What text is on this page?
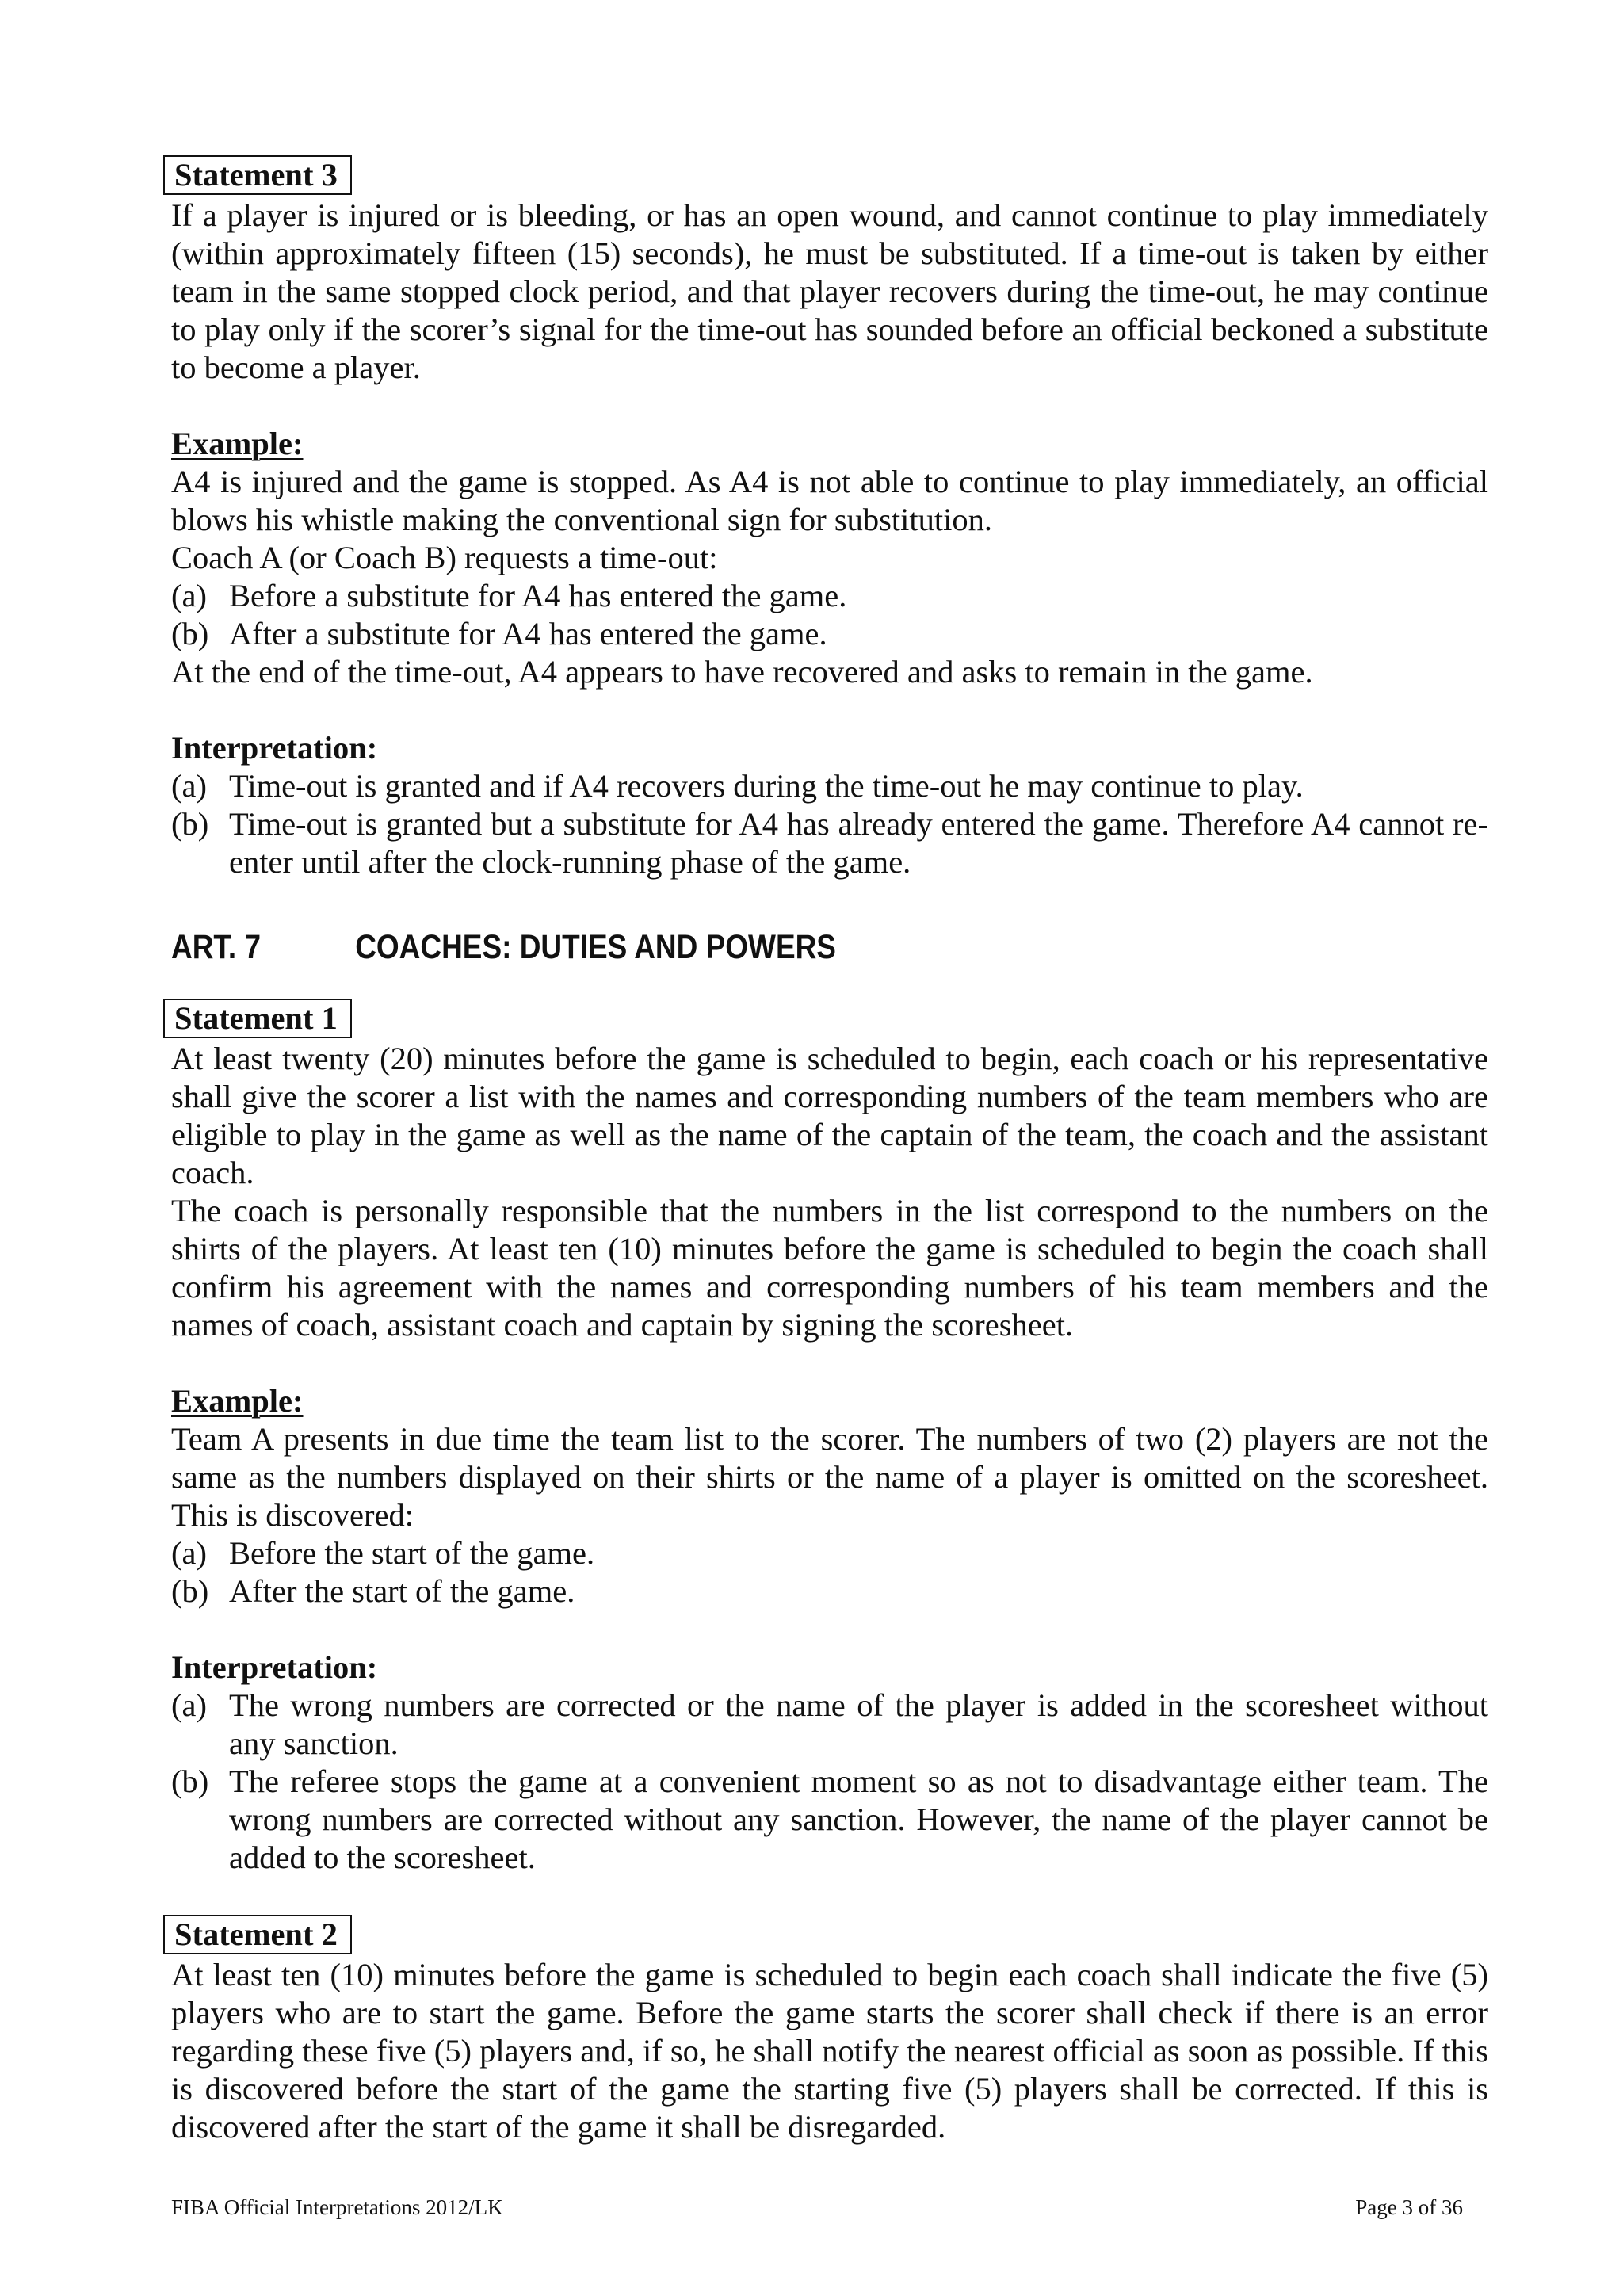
Statement 3

If a player is injured or is bleeding, or has an open wound, and cannot continue to play immediately (within approximately fifteen (15) seconds), he must be substituted. If a time-out is taken by either team in the same stopped clock period, and that player recovers during the time-out, he may continue to play only if the scorer’s signal for the time-out has sounded before an official beckoned a substitute to become a player.

Example:

A4 is injured and the game is stopped. As A4 is not able to continue to play immediately, an official blows his whistle making the conventional sign for substitution.

Coach A (or Coach B) requests a time-out:

(a) Before a substitute for A4 has entered the game.
(b) After a substitute for A4 has entered the game.

At the end of the time-out, A4 appears to have recovered and asks to remain in the game.

Interpretation:

(a) Time-out is granted and if A4 recovers during the time-out he may continue to play.
(b) Time-out is granted but a substitute for A4 has already entered the game. Therefore A4 cannot re-enter until after the clock-running phase of the game.
ART. 7	COACHES: DUTIES AND POWERS
Statement 1

At least twenty (20) minutes before the game is scheduled to begin, each coach or his representative shall give the scorer a list with the names and corresponding numbers of the team members who are eligible to play in the game as well as the name of the captain of the team, the coach and the assistant coach.

The coach is personally responsible that the numbers in the list correspond to the numbers on the shirts of the players. At least ten (10) minutes before the game is scheduled to begin the coach shall confirm his agreement with the names and corresponding numbers of his team members and the names of coach, assistant coach and captain by signing the scoresheet.

Example:

Team A presents in due time the team list to the scorer. The numbers of two (2) players are not the same as the numbers displayed on their shirts or the name of a player is omitted on the scoresheet. This is discovered:

(a) Before the start of the game.
(b) After the start of the game.

Interpretation:

(a) The wrong numbers are corrected or the name of the player is added in the scoresheet without any sanction.
(b) The referee stops the game at a convenient moment so as not to disadvantage either team. The wrong numbers are corrected without any sanction. However, the name of the player cannot be added to the scoresheet.
Statement 2

At least ten (10) minutes before the game is scheduled to begin each coach shall indicate the five (5) players who are to start the game. Before the game starts the scorer shall check if there is an error regarding these five (5) players and, if so, he shall notify the nearest official as soon as possible. If this is discovered before the start of the game the starting five (5) players shall be corrected. If this is discovered after the start of the game it shall be disregarded.

FIBA Official Interpretations 2012/LK	Page 3 of 36
